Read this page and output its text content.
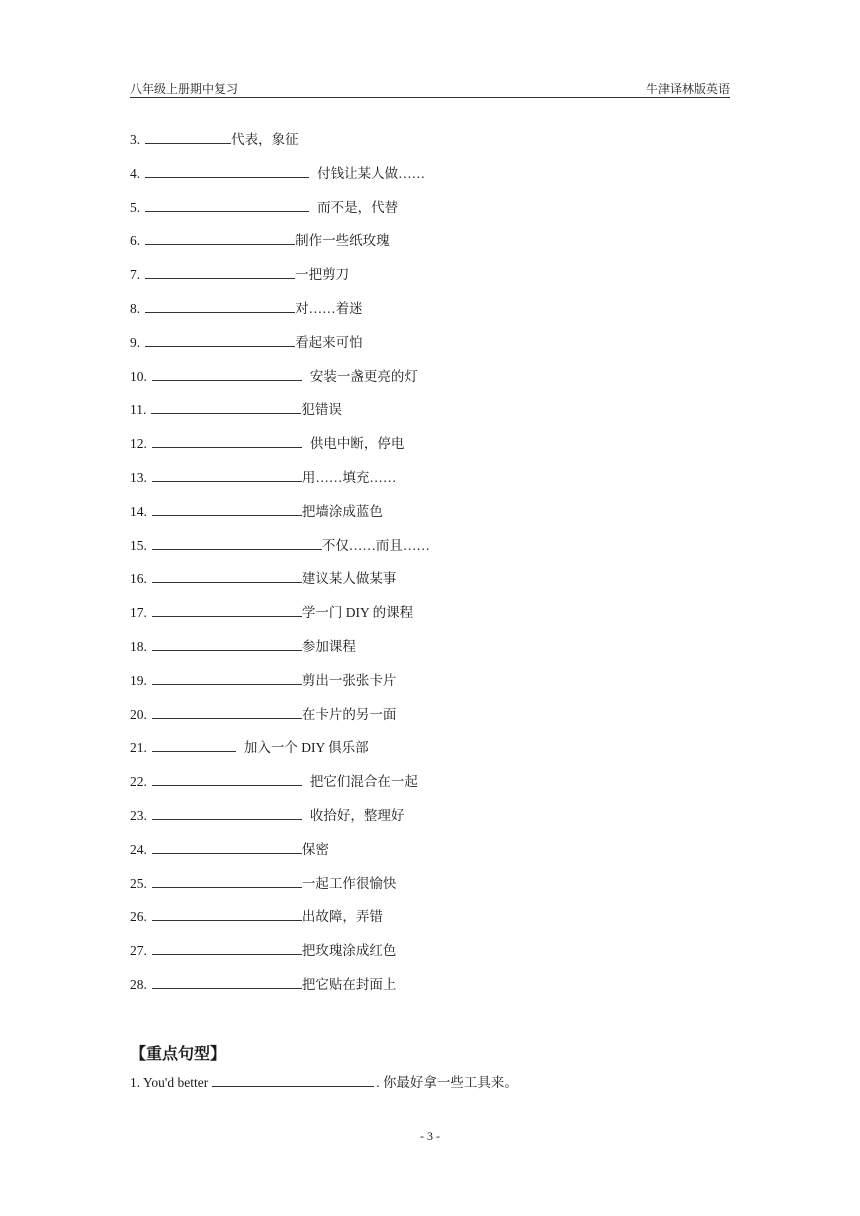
八年级上册期中复习	牛津译林版英语
3.	代表，象征
4.	付钱让某人做……
5.	而不是，代替
6.	制作一些纸玫瑰
7.	一把剪刀
8.	对……着迷
9.	看起来可怕
10.	安装一盏更亮的灯
11.	犯错误
12.	供电中断，停电
13.	用……填充……
14.	把墙涂成蓝色
15.	不仅……而且……
16.	建议某人做某事
17.	学一门 DIY 的课程
18.	参加课程
19.	剪出一张张卡片
20.	在卡片的另一面
21.	加入一个 DIY 俱乐部
22.	把它们混合在一起
23.	收拾好，整理好
24.	保密
25.	一起工作很愉快
26.	出故障，弄错
27.	把玫瑰涂成红色
28.	把它贴在封面上
【重点句型】
1. You'd better	. 你最好拿一些工具来。
- 3 -
